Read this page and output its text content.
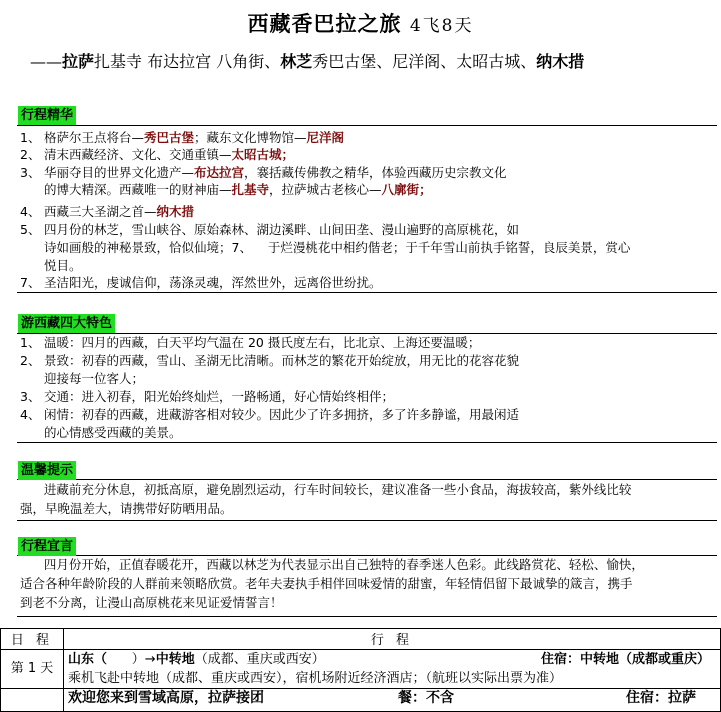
西藏香巴拉之旅 4飞8天
——拉萨扎基寺 布达拉宫 八角街、林芝秀巴古堡、尼洋阁、太昭古城、纳木措
行程精华
1、 格萨尔王点将台—秀巴古堡；藏东文化博物馆—尼洋阁
2、 清末西藏经济、文化、交通重镇—太昭古城；
3、 华丽夺目的世界文化遗产—布达拉宫，褰括藏传佛教之精华，体验西藏历史宗教文化
的博大精深。西藏唯一的财神庙—扎基寺，拉萨城古老核心—八廓街；
4、 西藏三大圣湖之首—纳木措
5、 四月份的林芝，雪山峡谷、原始森林、湖边溪畔、山间田垄、漫山遍野的高原桃花，如
诗如画般的神秘景致，恰似仙境；7、    于烂漫桃花中相约偕老；于千年雪山前执手铭誓，良辰美景，赏心
悦目。
7、 圣洁阳光，虔诚信仰，荡涤灵魂，浑然世外，远离俗世纷扰。
游西藏四大特色
1、 温暖：四月的西藏，白天平均气温在 20 摄氏度左右，比北京、上海还要温暖；
2、 景致：初春的西藏，雪山、圣湖无比清晰。而林芝的繁花开始绽放，用无比的花容花貌
迎接每一位客人；
3、 交通：进入初春，阳光始终灿烂，一路畅通，好心情始终相伴；
4、 闲情：初春的西藏，进藏游客相对较少。因此少了许多拥挤，多了许多静谧，用最闲适
的心情感受西藏的美景。
温馨提示
进藏前充分休息，初抵高原，避免剧烈运动，行车时间较长，建议准备一些小食品，海拔较高，紫外线比较
强，早晚温差大，请携带好防晒用品。
行程宜言
四月份开始，正值春暖花开，西藏以林芝为代表显示出自己独特的春季迷人色彩。此线路赏花、轻松、愉快，
适合各种年龄阶段的人群前来领略欣赏。老年夫妻执手相伴回味爱情的甜蜜，年轻情侣留下最诚挚的箴言，携手
到老不分离，让漫山高原桃花来见证爱情誓言！
日 程	行 程
第 1 天	山东（      ）→中转地（成都、重庆或西安） 住宿：中转地（成都或重庆）
乘机飞赴中转地（成都、重庆或西安），宿机场附近经济酒店；（航班以实际出票为准）

	欢迎您来到雪域高原，拉萨接团 餐：不含 住宿：拉萨
